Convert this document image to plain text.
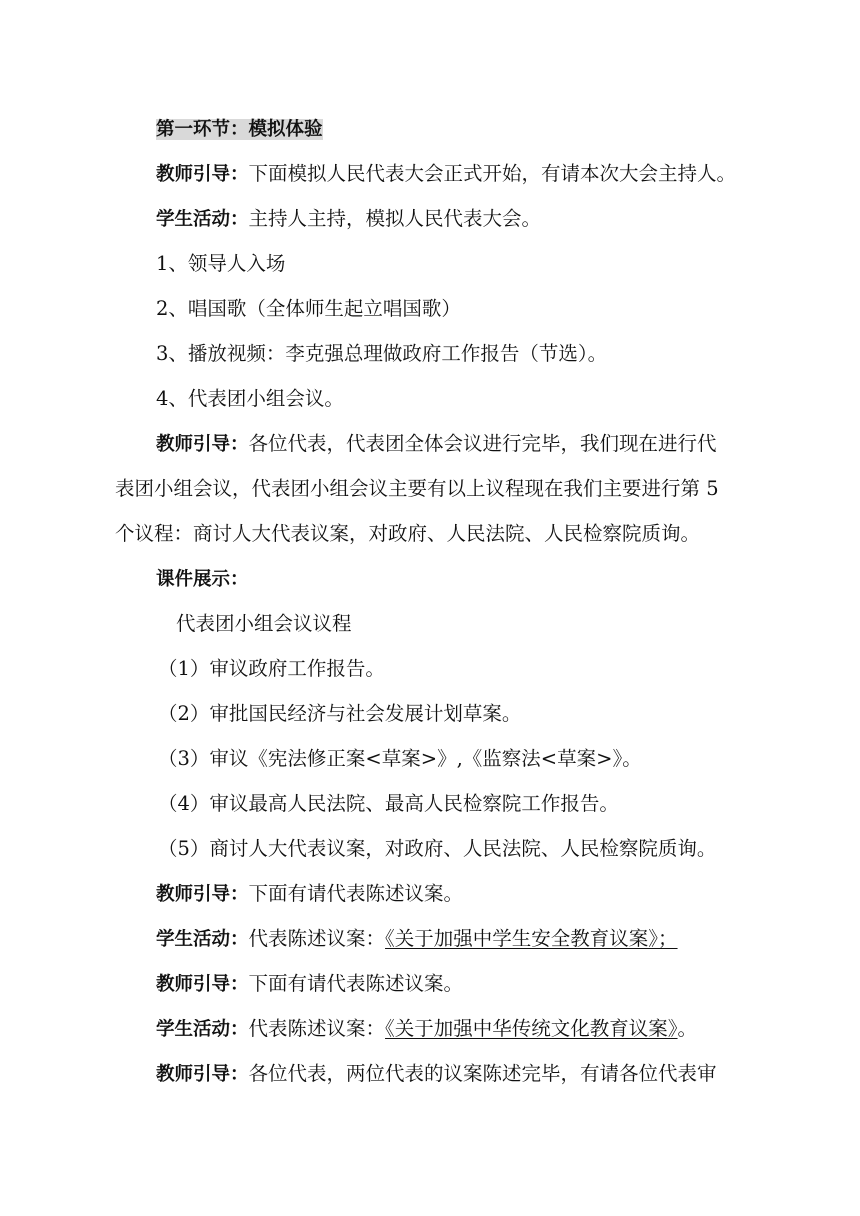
第一环节：模拟体验
教师引导：下面模拟人民代表大会正式开始，有请本次大会主持人。
学生活动：主持人主持，模拟人民代表大会。
1、领导人入场
2、唱国歌（全体师生起立唱国歌）
3、播放视频：李克强总理做政府工作报告（节选）。
4、代表团小组会议。
教师引导：各位代表，代表团全体会议进行完毕，我们现在进行代
表团小组会议，代表团小组会议主要有以上议程现在我们主要进行第 5
个议程：商讨人大代表议案，对政府、人民法院、人民检察院质询。
课件展示：
代表团小组会议议程
（1）审议政府工作报告。
（2）审批国民经济与社会发展计划草案。
（3）审议《宪法修正案<草案>》,《监察法<草案>》。
（4）审议最高人民法院、最高人民检察院工作报告。
（5）商讨人大代表议案，对政府、人民法院、人民检察院质询。
教师引导：下面有请代表陈述议案。
学生活动：代表陈述议案：《关于加强中学生安全教育议案》；
教师引导：下面有请代表陈述议案。
学生活动：代表陈述议案：《关于加强中华传统文化教育议案》。
教师引导：各位代表，两位代表的议案陈述完毕，有请各位代表审
